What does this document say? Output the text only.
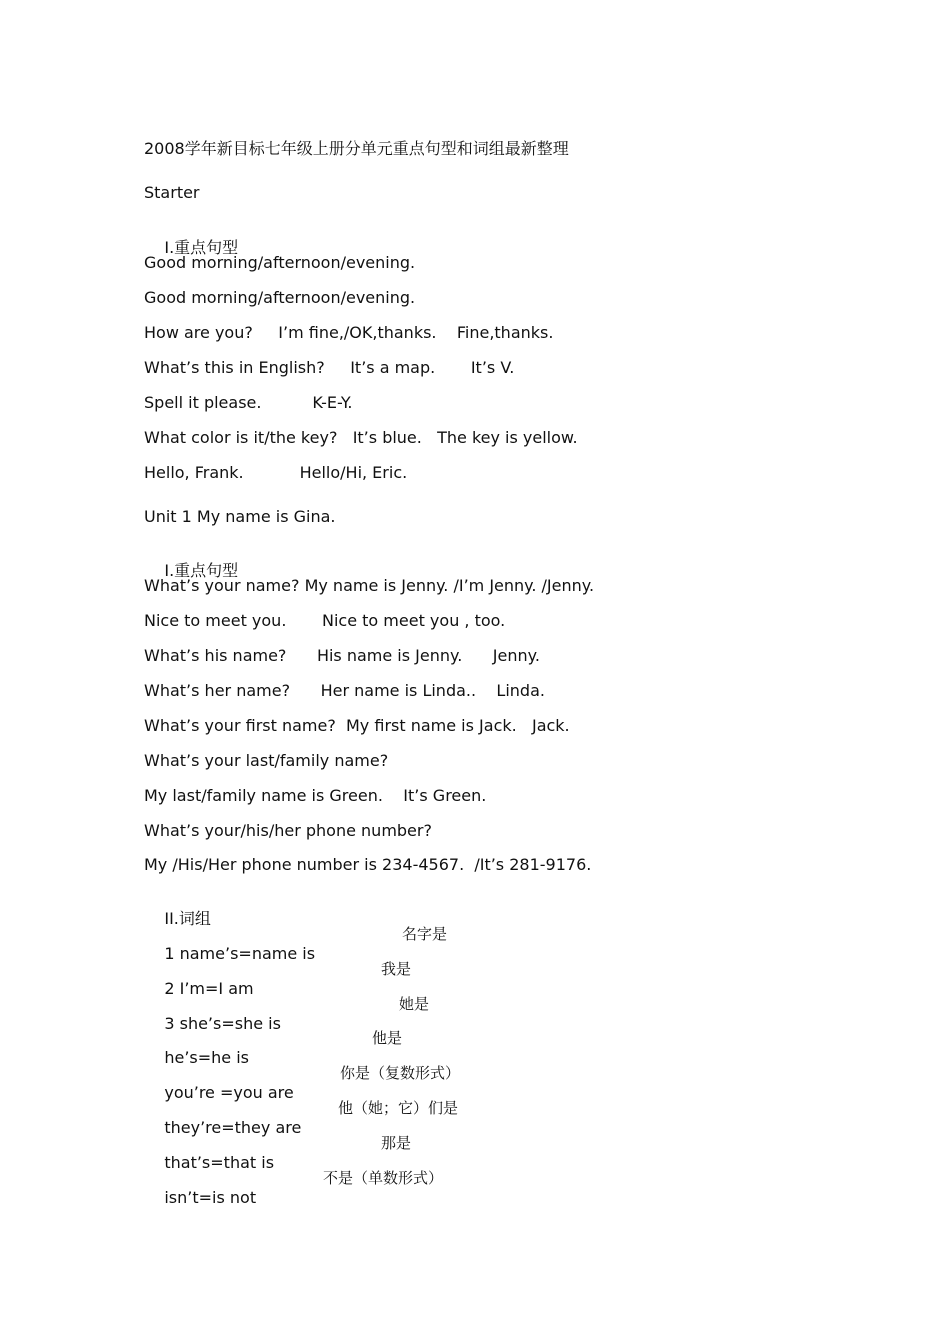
2008学年新目标七年级上册分单元重点句型和词组最新整理
Starter

I.重点句型

Good morning/afternoon/evening.
Good morning/afternoon/evening.
How are you?     I’m fine,/OK,thanks.    Fine,thanks.
What’s this in English?     It’s a map.       It’s V.
Spell it please.          K-E-Y.
What color is it/the key?   It’s blue.   The key is yellow.
Hello, Frank.           Hello/Hi, Eric.
Unit 1 My name is Gina.

I.重点句型

What’s your name? My name is Jenny. /I’m Jenny. /Jenny.
Nice to meet you.       Nice to meet you , too.
What’s his name?      His name is Jenny.      Jenny.
What’s her name?      Her name is Linda..    Linda.
What’s your first name?  My first name is Jack.   Jack.
What’s your last/family name?
My last/family name is Green.    It’s Green.
What’s your/his/her phone number?
My /His/Her phone number is 234-4567.  /It’s 281-9176.

II.词组

1 name’s=name is

名字是

2 I’m=I am

我是

3 she’s=she is

她是

he’s=he is

他是

you’re =you are

你是（复数形式）

they’re=they are

他（她；它）们是

that’s=that is

那是

isn’t=is not

不是（单数形式）
